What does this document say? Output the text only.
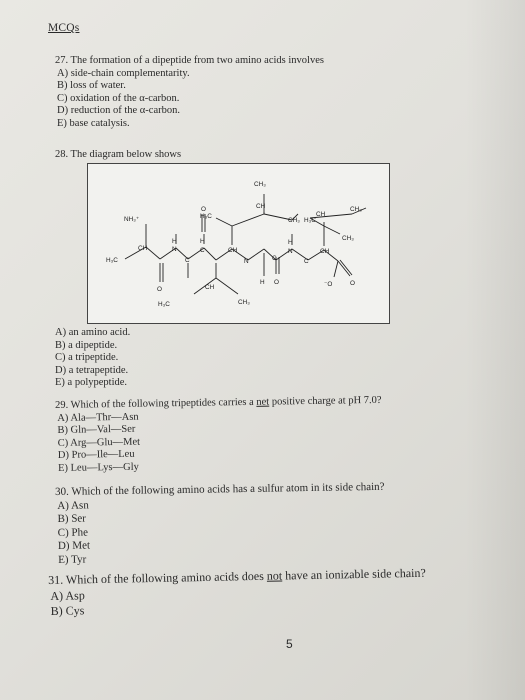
MCQs

27. The formation of a dipeptide from two amino acids involves

A) side-chain complementarity.

B) loss of water.

C) oxidation of the α-carbon.

D) reduction of the α-carbon.

E) base catalysis.

28. The diagram below shows

NH₃⁺
CH
H₃C
O
H
N
C
O
H
C
CH
H₃C	CH₃
H₃C
CH
N
CH
CH₃
CH₃
H
C
O
H
N
C
H₃C
CH
CH₃
CH
CH₃
⁻O	O

A) an amino acid.

B) a dipeptide.

C) a tripeptide.

D) a tetrapeptide.

E) a polypeptide.

29. Which of the following tripeptides carries a net positive charge at pH 7.0?

A) Ala—Thr—Asn

B) Gln—Val—Ser

C) Arg—Glu—Met

D) Pro—Ile—Leu

E) Leu—Lys—Gly

30. Which of the following amino acids has a sulfur atom in its side chain?

A) Asn

B) Ser

C) Phe

D) Met

E) Tyr

31. Which of the following amino acids does not have an ionizable side chain?

A) Asp

B) Cys

5
